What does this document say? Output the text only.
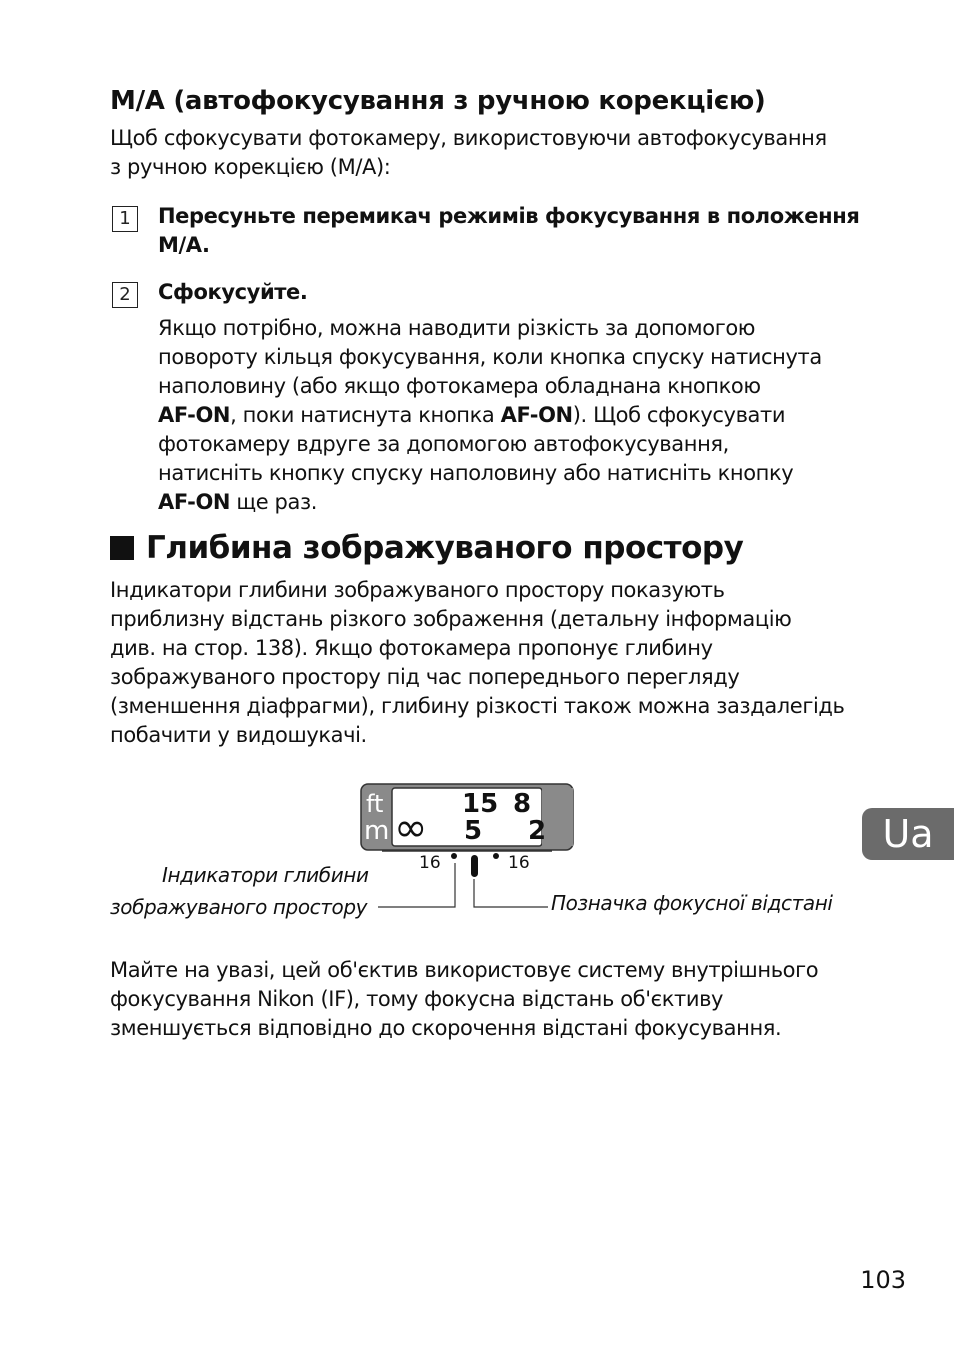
M/A (автофокусування з ручною корекцією)
Щоб сфокусувати фотокамеру, використовуючи автофокусування
з ручною корекцією (M/A):
1	Пересуньте перемикач режимів фокусування в положення
M/A.
2	Сфокусуйте.
Якщо потрібно, можна наводити різкість за допомогою
повороту кільця фокусування, коли кнопка спуску натиснута
наполовину (або якщо фотокамера обладнана кнопкою
AF-ON, поки натиснута кнопка AF-ON). Щоб сфокусувати
фотокамеру вдруге за допомогою автофокусування,
натисніть кнопку спуску наполовину або натисніть кнопку
AF-ON ще раз.
Глибина зображуваного простору
Індикатори глибини зображуваного простору показують
приблизну відстань різкого зображення (детальну інформацію
див. на стор. 138). Якщо фотокамера пропонує глибину
зображуваного простору під час попереднього перегляду
(зменшення діафрагми), глибину різкості також можна заздалегідь
побачити у видошукачі.
ft
m
15 8
∞ 5 2
16	16
Індикатори глибини
зображуваного простору	Позначка фокусної відстані
Майте на увазі, цей об'єктив використовує систему внутрішнього
фокусування Nikon (IF), тому фокусна відстань об'єктиву
зменшується відповідно до скорочення відстані фокусування.
Ua
103
